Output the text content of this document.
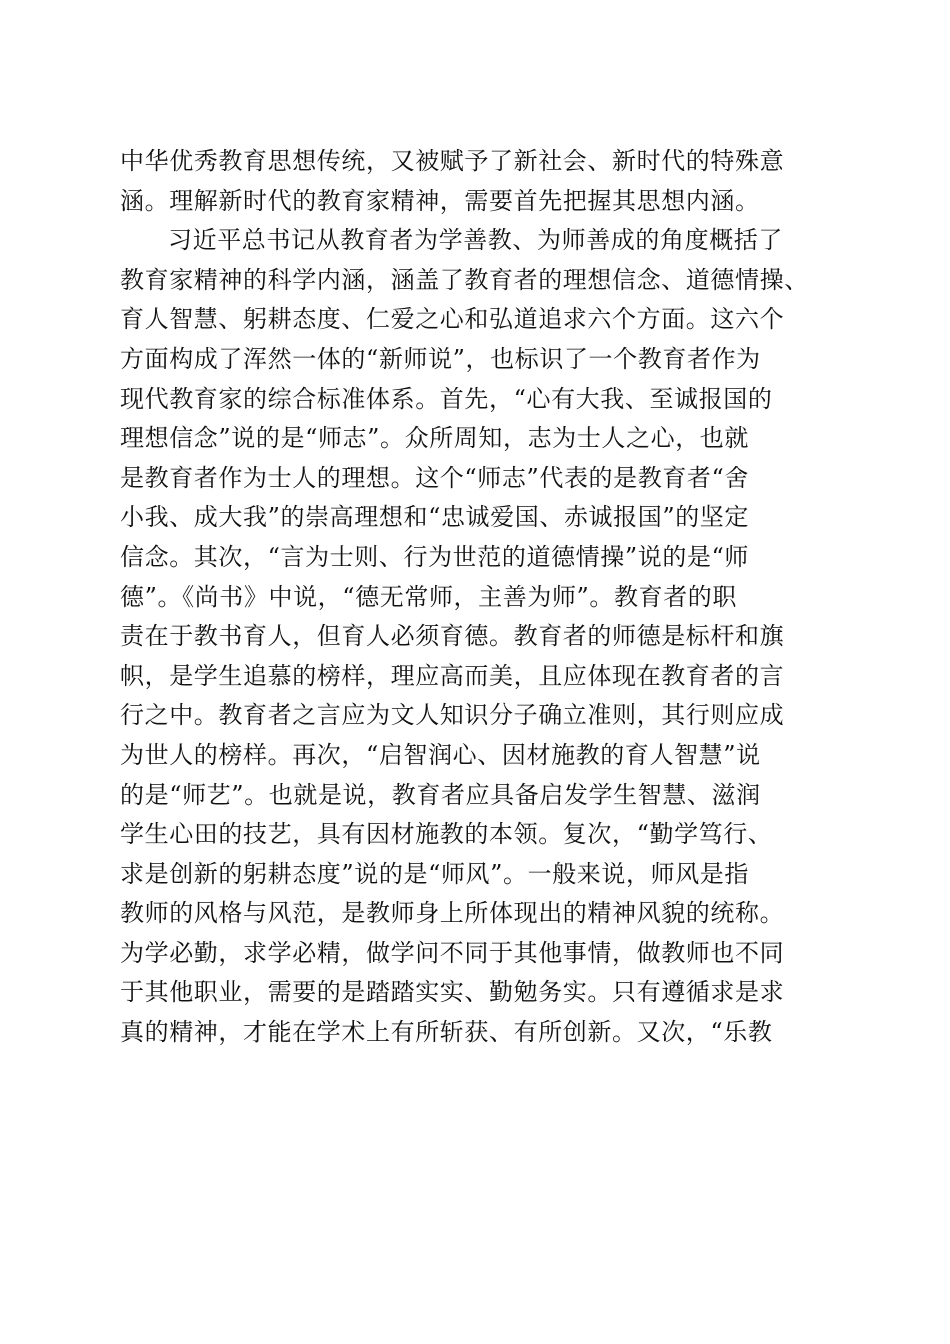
中华优秀教育思想传统，又被赋予了新社会、新时代的特殊意
涵。理解新时代的教育家精神，需要首先把握其思想内涵。
习近平总书记从教育者为学善教、为师善成的角度概括了
教育家精神的科学内涵，涵盖了教育者的理想信念、道德情操、
育人智慧、躬耕态度、仁爱之心和弘道追求六个方面。这六个
方面构成了浑然一体的“新师说”，也标识了一个教育者作为
现代教育家的综合标准体系。首先，“心有大我、至诚报国的
理想信念”说的是“师志”。众所周知，志为士人之心，也就
是教育者作为士人的理想。这个“师志”代表的是教育者“舍
小我、成大我”的崇高理想和“忠诚爱国、赤诚报国”的坚定
信念。其次，“言为士则、行为世范的道德情操”说的是“师
德”。《尚书》中说，“德无常师，主善为师”。教育者的职
责在于教书育人，但育人必须育德。教育者的师德是标杆和旗
帜，是学生追慕的榜样，理应高而美，且应体现在教育者的言
行之中。教育者之言应为文人知识分子确立准则，其行则应成
为世人的榜样。再次，“启智润心、因材施教的育人智慧”说
的是“师艺”。也就是说，教育者应具备启发学生智慧、滋润
学生心田的技艺，具有因材施教的本领。复次，“勤学笃行、
求是创新的躬耕态度”说的是“师风”。一般来说，师风是指
教师的风格与风范，是教师身上所体现出的精神风貌的统称。
为学必勤，求学必精，做学问不同于其他事情，做教师也不同
于其他职业，需要的是踏踏实实、勤勉务实。只有遵循求是求
真的精神，才能在学术上有所斩获、有所创新。又次，“乐教
